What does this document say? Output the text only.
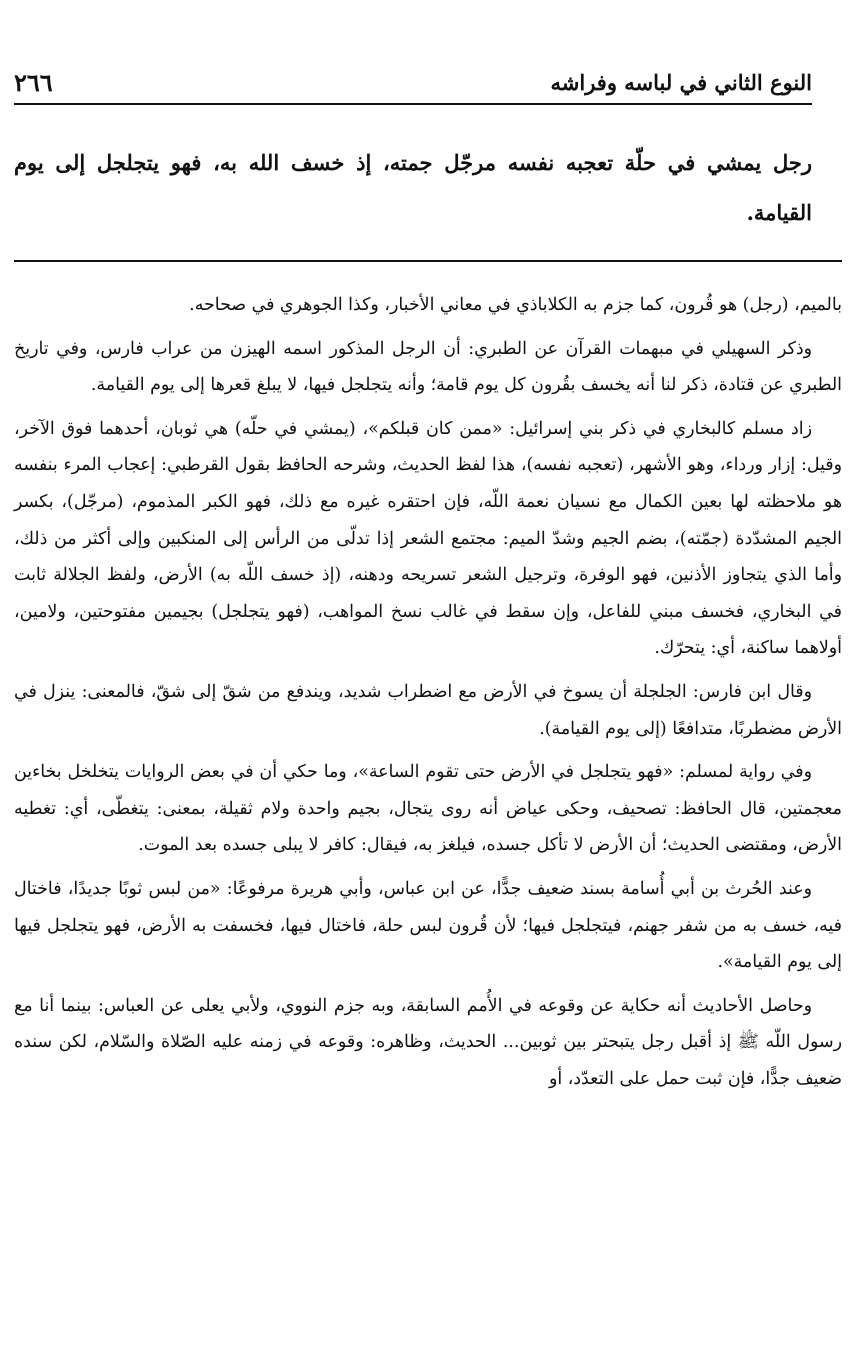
النوع الثاني في لباسه وفراشه
٢٦٦
رجل يمشي في حلّة تعجبه نفسه مرجّل جمته، إذ خسف الله به، فهو يتجلجل إلى يوم القيامة.

بالميم، (رجل) هو قُرون، كما جزم به الكلاباذي في معاني الأخبار، وكذا الجوهري في صحاحه.

وذكر السهيلي في مبهمات القرآن عن الطبري: أن الرجل المذكور اسمه الهيزن من عراب فارس، وفي تاريخ الطبري عن قتادة، ذكر لنا أنه يخسف بقُرون كل يوم قامة؛ وأنه يتجلجل فيها، لا يبلغ قعرها إلى يوم القيامة.

زاد مسلم كالبخاري في ذكر بني إسرائيل: «ممن كان قبلكم»، (يمشي في حلّه) هي ثوبان، أحدهما فوق الآخر، وقيل: إزار ورداء، وهو الأشهر، (تعجبه نفسه)، هذا لفظ الحديث، وشرحه الحافظ بقول القرطبي: إعجاب المرء بنفسه هو ملاحظته لها بعين الكمال مع نسيان نعمة اللّه، فإن احتقره غيره مع ذلك، فهو الكبر المذموم، (مرجّل)، بكسر الجيم المشدّدة (جمّته)، بضم الجيم وشدّ الميم: مجتمع الشعر إذا تدلّى من الرأس إلى المنكبين وإلى أكثر من ذلك، وأما الذي يتجاوز الأذنين، فهو الوفرة، وترجيل الشعر تسريحه ودهنه، (إذ خسف اللّه به) الأرض، ولفظ الجلالة ثابت في البخاري، فخسف مبني للفاعل، وإن سقط في غالب نسخ المواهب، (فهو يتجلجل) بجيمين مفتوحتين، ولامين، أولاهما ساكنة، أي: يتحرّك.

وقال ابن فارس: الجلجلة أن يسوخ في الأرض مع اضطراب شديد، ويندفع من شقّ إلى شقّ، فالمعنى: ينزل في الأرض مضطربًا، متدافعًا (إلى يوم القيامة).

وفي رواية لمسلم: «فهو يتجلجل في الأرض حتى تقوم الساعة»، وما حكي أن في بعض الروايات يتخلخل بخاءين معجمتين، قال الحافظ: تصحيف، وحكى عياض أنه روى يتجال، بجيم واحدة ولام ثقيلة، بمعنى: يتغطّى، أي: تغطيه الأرض، ومقتضى الحديث؛ أن الأرض لا تأكل جسده، فيلغز به، فيقال: كافر لا يبلى جسده بعد الموت.

وعند الحُرث بن أبي أُسامة بسند ضعيف جدًّا، عن ابن عباس، وأبي هريرة مرفوعًا: «من لبس ثوبًا جديدًا، فاختال فيه، خسف به من شفر جهنم، فيتجلجل فيها؛ لأن قُرون لبس حلة، فاختال فيها، فخسفت به الأرض، فهو يتجلجل فيها إلى يوم القيامة».

وحاصل الأحاديث أنه حكاية عن وقوعه في الأُمم السابقة، وبه جزم النووي، ولأبي يعلى عن العباس: بينما أنا مع رسول اللّه ﷺ إذ أقبل رجل يتبحتر بين ثوبين... الحديث، وظاهره: وقوعه في زمنه عليه الصّلاة والسّلام، لكن سنده ضعيف جدًّا، فإن ثبت حمل على التعدّد، أو
